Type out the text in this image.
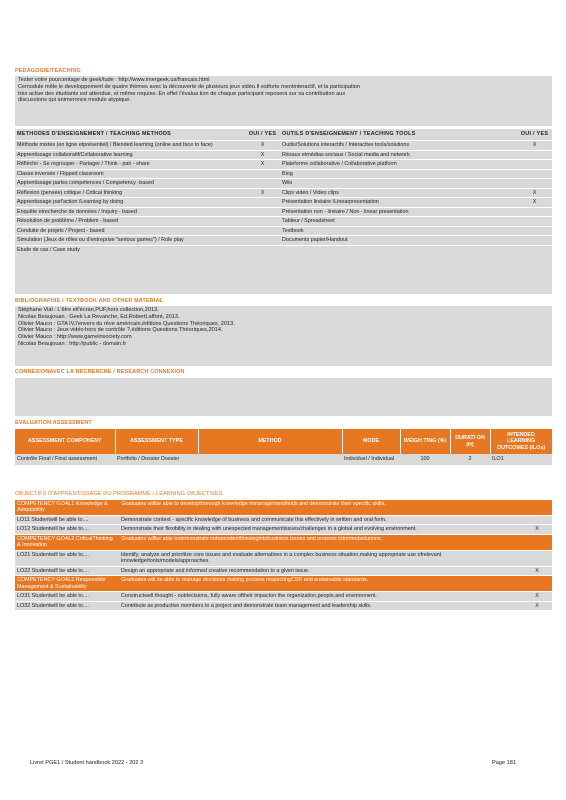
PEDAGOGIE/TEACHING
Tester votre pourcentage de geek/tude : http://www.imergeek.us/francais.html
Cemodule mêle le developpement de quatre thèmes avec la découverte de plusieurs jeux vidéo.Il estforte mentinteractif, et la participation
très active des étudiants est attendue, et même requise. En effet l'évalua tion de chaque participant reposera sur sa contribution aux
discussions qui animeronce module atypique.
METHODES D'ENSEIGNEMENT / TEACHING METHODS	OUI / YES	OUTILS D'ENSEIGNEMENT / TEACHING TOOLS	OUI / YES
Méthode mixtes (en ligne etprésentiel) / Blended learning (online and face to face)	X	Outils/Solutions interactifs / Interactive tools/solutions	X
Apprentissage collaboratif/Collaborative learning	X	Résaux etmédias sociaux / Social media and network	
Réfléchir - Se regrouper - Partager / Think - pair - share	X	Plateforme collaborative / Collaborative platform	
Classe inversée / Flipped classroom		Blog	
Apprentissage parles compétences / Competency -based		Wiki	
Réflexion (pensée) critique / Critical thinking	X	Clips vidéo / Video clips	X
Apprentissage parl'action /Learning by doing		Présentation linéaire /Linearpresentation	X
Enquête etrecherche de données / Inquiry - based		Présentation non - linéaire / Non - linear presentation	
Résolution de problème / Problem - based		Tableur / Spreadsheet	
Conduite de projets / Project - based		Textbook	
Simulation (Jeux de rôles ou d'entreprise "serious games") / Role play		Documents papier/Handout	
Etude de cas / Case study			
BIBLIOGRAPHIE / TEXTBOOK AND OTHER MATERIAL
Stéphane Vial : L'être etl'écran,PUF,hors collection,2013.
Nicolas Beaujouan : Geek La Revanche, Ed.RobertLaffont, 2013.
Olivier Mauco : GTA IV,l'envers du rêve américain,éditions Questions Théoriques, 2013.
Olivier Mauco : Jeux vidéo:hors de contrôle ?,éditions Questions Théoriques,2014.
Olivier Mauco : http://www.gameinsociety.com
Nicolas Beaujouan : http://public - domain.fr
CONNEXIONAVEC LA RECHERCHE / RESEARCH CONNEXION
EVALUATION ASSESSMENT
ASSESSMENT COMPONENT	ASSESSMENT TYPE	METHOD	MODE	WEIGH TING (%)	DURATI ON (H)	INTENDED LEARNING OUTCOMES (ILOs)
Contrôle Final / Final assessment	Portfolio / Dossier Dossier		Individuel / Individual	100	2	ILO1
OBJECTIFS D'APPRENTISSAGE DU PROGRAMME / LEARNING OBJECTIVES
COMPETENCY GOAL1 Knowledge & Adaptability	Graduates willbe able to developthorough knowledge inmanagementfields and demonstrate their specific skills.	
LO11 Studentwill be able to....	Demonstrate context - specific knowledge of business and communicate this effectively in written and oral form.	
LO12 Studentwill be able to....	Demonstrate their flexibility in dealing with unexpected managementissues/challenges in a global and evolving environment.	X
COMPETENCY GOAL2 CriticalThinking & Innovation	Graduates willbe able todemonstrate independentthinkingintobusiness issues and propose informedsolutions.	
LO21 Studentwill be able to....	Identify, analyze and prioritize core issues and evaluate alternatives in a complex business situation,making appropriate use ofrelevant knowledge/tools/models/approaches.	
LO22 Studentwill be able to....	Design an appropriate and informed creative recommendation to a given issue.	X
COMPETENCY GOAL3 Responsible Management & Sustainability	Graduates will be able to manage decisions making process respectingCSR and sustainable standards.	
LO31 Studentwill be able to....	Constructwell thought - outdecisions, fully aware oftheir impacton the organization,people,and environment.	X
LO32 Studentwill be able to....	Contribute as productive members to a project and demonstrate team management and leadership skills.	X
Livret PGE1 / Student handbook 2022 - 202 3	Page 181
